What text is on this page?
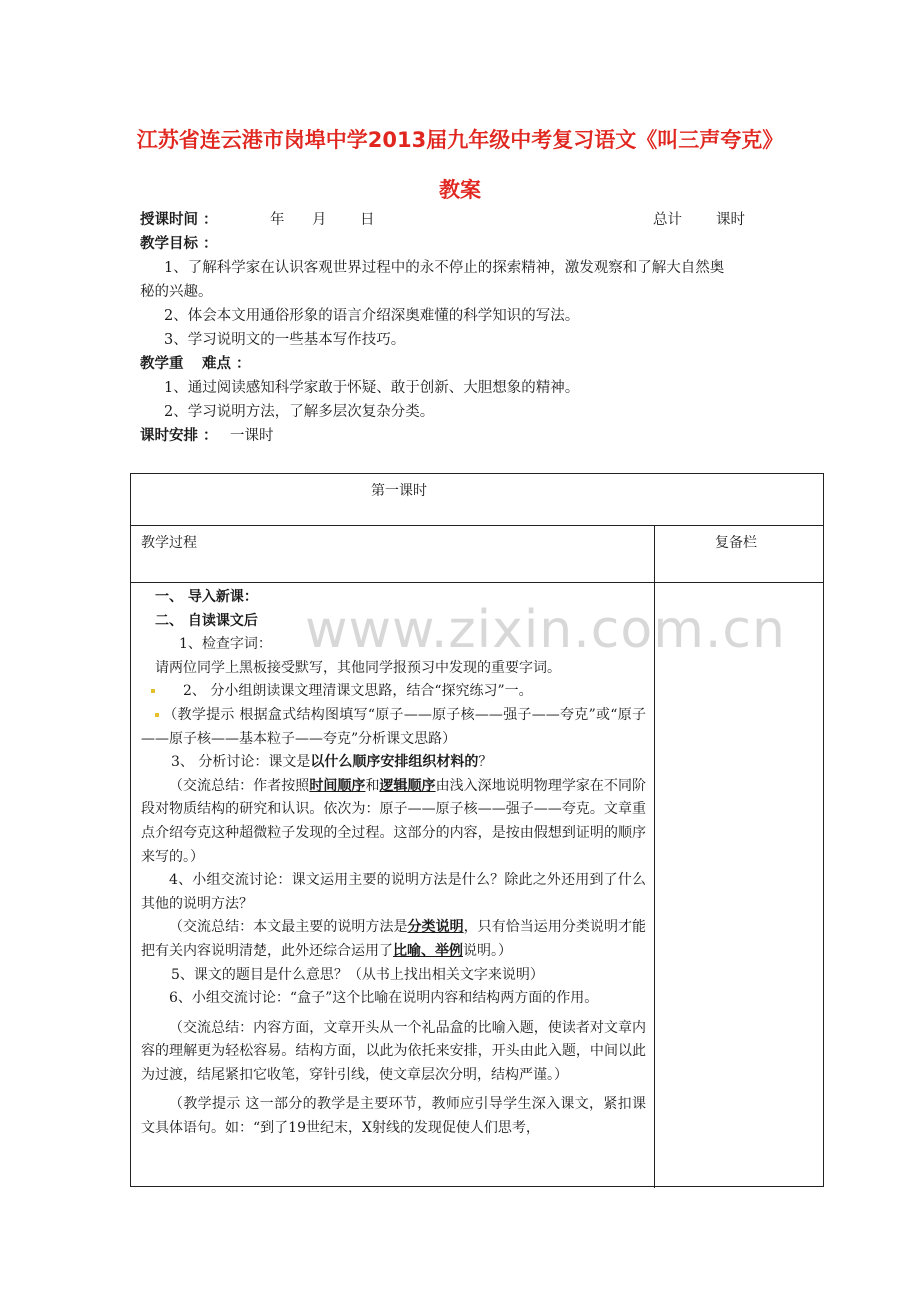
江苏省连云港市岗埠中学2013届九年级中考复习语文《叫三声夸克》
教案
授课时间 ：	年 月 日	总计 课时
教学目标 ：
1、了解科学家在认识客观世界过程中的永不停止的探索精神，激发观察和了解大自然奥
秘的兴趣。
2、体会本文用通俗形象的语言介绍深奥难懂的科学知识的写法。
3、学习说明文的一些基本写作技巧。
教学重 难点 ：
1、通过阅读感知科学家敢于怀疑、敢于创新、大胆想象的精神。
2、学习说明方法，了解多层次复杂分类。
课时安排 ： 一课时
第一课时
教学过程	复备栏

一、 导入新课：

二、 自读课文后

1、检查字词：

请两位同学上黑板接受默写，其他同学报预习中发现的重要字词。

2、 分小组朗读课文理清课文思路，结合“探究练习”一。

（教学提示 根据盒式结构图填写“原子——原子核——强子——夸克”或“原子——原子核——基本粒子——夸克”分析课文思路）

3、 分析讨论：课文是以什么顺序安排组织材料的？

（交流总结：作者按照时间顺序和逻辑顺序由浅入深地说明物理学家在不同阶段对物质结构的研究和认识。依次为：原子——原子核——强子——夸克。文章重点介绍夸克这种超微粒子发现的全过程。这部分的内容，是按由假想到证明的顺序来写的。）

4、小组交流讨论：课文运用主要的说明方法是什么？除此之外还用到了什么其他的说明方法？

（交流总结：本文最主要的说明方法是分类说明，只有恰当运用分类说明才能把有关内容说明清楚，此外还综合运用了比喻、举例说明。）

5、课文的题目是什么意思？（从书上找出相关文字来说明）

6、小组交流讨论：“盒子”这个比喻在说明内容和结构两方面的作用。

（交流总结：内容方面，文章开头从一个礼品盒的比喻入题，使读者对文章内容的理解更为轻松容易。结构方面，以此为依托来安排，开头由此入题，中间以此为过渡，结尾紧扣它收笔，穿针引线，使文章层次分明，结构严谨。）

（教学提示 这一部分的教学是主要环节，教师应引导学生深入课文，紧扣课文具体语句。如：“到了19世纪末，X射线的发现促使人们思考，

www.zixin.com.cn
